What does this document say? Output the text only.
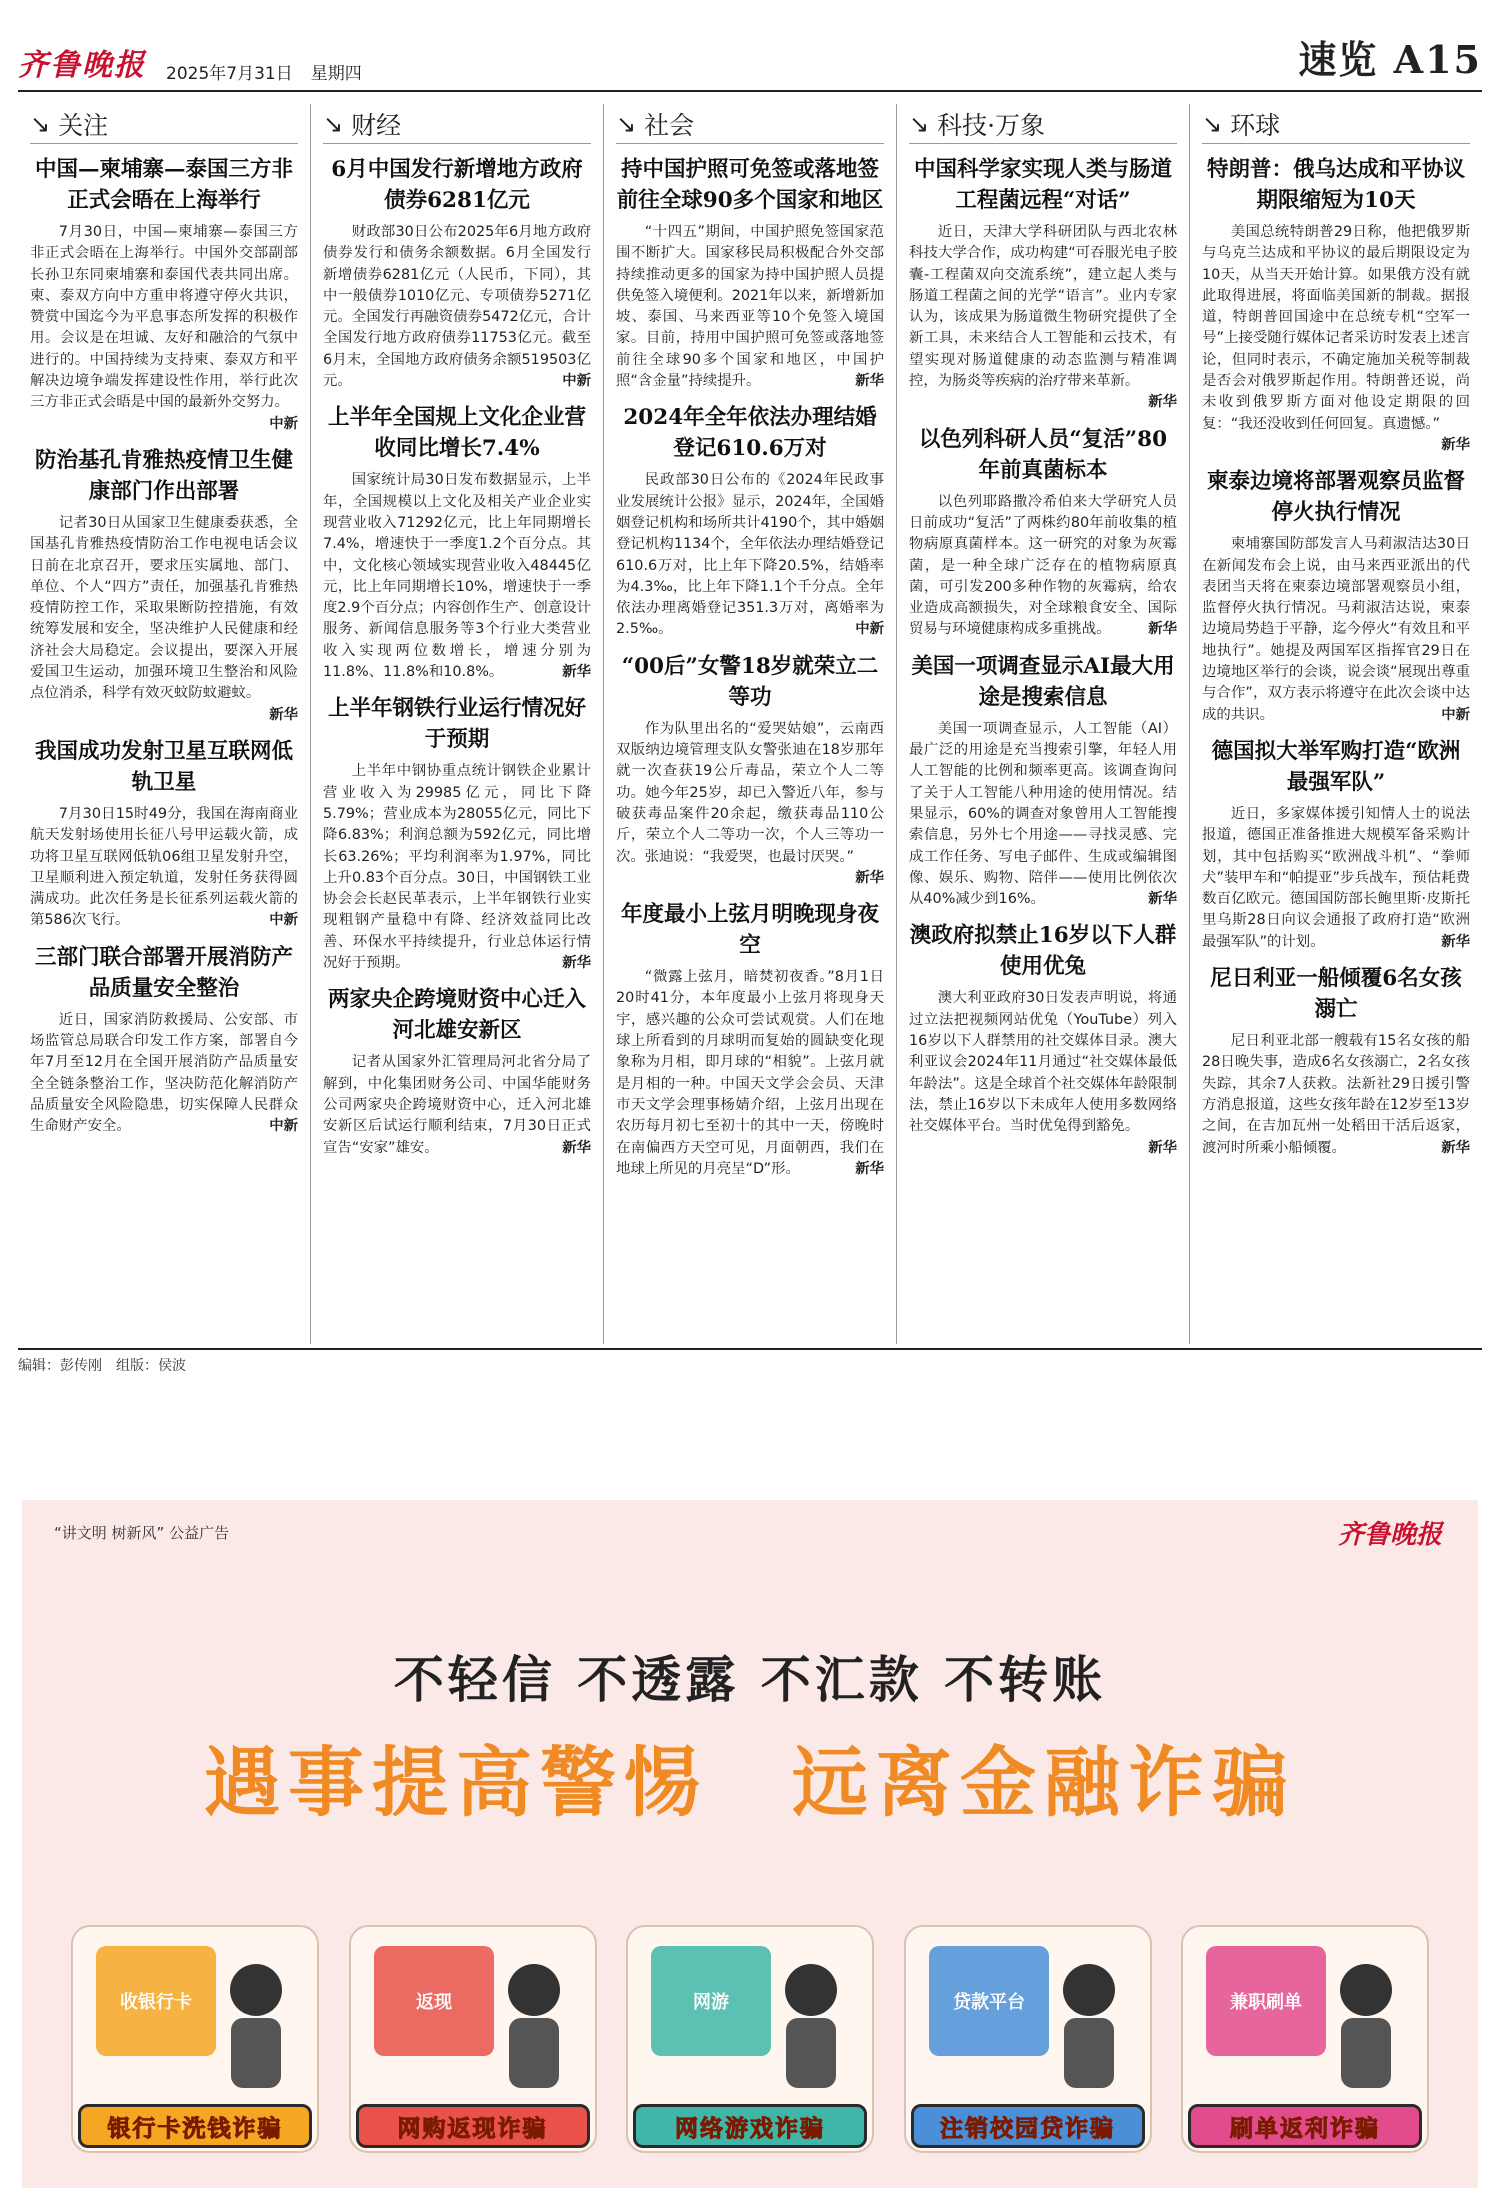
齐鲁晚报 2025年7月31日 星期四	速览 A15
↘ 关注
中国—柬埔寨—泰国三方非正式会晤在上海举行
7月30日，中国—柬埔寨—泰国三方非正式会晤在上海举行。中国外交部副部长孙卫东同柬埔寨和泰国代表共同出席。柬、泰双方向中方重申将遵守停火共识，赞赏中国迄今为平息事态所发挥的积极作用。会议是在坦诚、友好和融洽的气氛中进行的。中国持续为支持柬、泰双方和平解决边境争端发挥建设性作用，举行此次三方非正式会晤是中国的最新外交努力。
中新
防治基孔肯雅热疫情卫生健康部门作出部署
记者30日从国家卫生健康委获悉，全国基孔肯雅热疫情防治工作电视电话会议日前在北京召开，要求压实属地、部门、单位、个人“四方”责任，加强基孔肯雅热疫情防控工作，采取果断防控措施，有效统筹发展和安全，坚决维护人民健康和经济社会大局稳定。会议提出，要深入开展爱国卫生运动，加强环境卫生整治和风险点位消杀，科学有效灭蚊防蚊避蚊。
新华
我国成功发射卫星互联网低轨卫星
7月30日15时49分，我国在海南商业航天发射场使用长征八号甲运载火箭，成功将卫星互联网低轨06组卫星发射升空，卫星顺利进入预定轨道，发射任务获得圆满成功。此次任务是长征系列运载火箭的第586次飞行。	中新
三部门联合部署开展消防产品质量安全整治
近日，国家消防救援局、公安部、市场监管总局联合印发工作方案，部署自今年7月至12月在全国开展消防产品质量安全全链条整治工作，坚决防范化解消防产品质量安全风险隐患，切实保障人民群众生命财产安全。	中新
↘ 财经
6月中国发行新增地方政府债券6281亿元
财政部30日公布2025年6月地方政府债券发行和债务余额数据。6月全国发行新增债券6281亿元（人民币，下同），其中一般债券1010亿元、专项债券5271亿元。全国发行再融资债券5472亿元，合计全国发行地方政府债券11753亿元。截至6月末，全国地方政府债务余额519503亿元。	中新
上半年全国规上文化企业营收同比增长7.4%
国家统计局30日发布数据显示，上半年，全国规模以上文化及相关产业企业实现营业收入71292亿元，比上年同期增长7.4%，增速快于一季度1.2个百分点。其中，文化核心领域实现营业收入48445亿元，比上年同期增长10%，增速快于一季度2.9个百分点；内容创作生产、创意设计服务、新闻信息服务等3个行业大类营业收入实现两位数增长，增速分别为11.8%、11.8%和10.8%。	新华
上半年钢铁行业运行情况好于预期
上半年中钢协重点统计钢铁企业累计营业收入为29985亿元，同比下降5.79%；营业成本为28055亿元，同比下降6.83%；利润总额为592亿元，同比增长63.26%；平均利润率为1.97%，同比上升0.83个百分点。30日，中国钢铁工业协会会长赵民革表示，上半年钢铁行业实现粗钢产量稳中有降、经济效益同比改善、环保水平持续提升，行业总体运行情况好于预期。	新华
两家央企跨境财资中心迁入河北雄安新区
记者从国家外汇管理局河北省分局了解到，中化集团财务公司、中国华能财务公司两家央企跨境财资中心，迁入河北雄安新区后试运行顺利结束，7月30日正式宣告“安家”雄安。	新华
↘ 社会
持中国护照可免签或落地签前往全球90多个国家和地区
“十四五”期间，中国护照免签国家范围不断扩大。国家移民局积极配合外交部持续推动更多的国家为持中国护照人员提供免签入境便利。2021年以来，新增新加坡、泰国、马来西亚等10个免签入境国家。目前，持用中国护照可免签或落地签前往全球90多个国家和地区，中国护照“含金量”持续提升。	新华
2024年全年依法办理结婚登记610.6万对
民政部30日公布的《2024年民政事业发展统计公报》显示，2024年，全国婚姻登记机构和场所共计4190个，其中婚姻登记机构1134个，全年依法办理结婚登记610.6万对，比上年下降20.5%，结婚率为4.3‰，比上年下降1.1个千分点。全年依法办理离婚登记351.3万对，离婚率为2.5‰。	中新
“00后”女警18岁就荣立二等功
作为队里出名的“爱哭姑娘”，云南西双版纳边境管理支队女警张迪在18岁那年就一次查获19公斤毒品，荣立个人二等功。她今年25岁，却已入警近八年，参与破获毒品案件20余起，缴获毒品110公斤，荣立个人二等功一次，个人三等功一次。张迪说：“我爱哭，也最讨厌哭。”
新华
年度最小上弦月明晚现身夜空
“微露上弦月，暗焚初夜香。”8月1日20时41分，本年度最小上弦月将现身天宇，感兴趣的公众可尝试观赏。人们在地球上所看到的月球明而复始的圆缺变化现象称为月相，即月球的“相貌”。上弦月就是月相的一种。中国天文学会会员、天津市天文学会理事杨婧介绍，上弦月出现在农历每月初七至初十的其中一天，傍晚时在南偏西方天空可见，月面朝西，我们在地球上所见的月亮呈“D”形。	新华
↘ 科技·万象
中国科学家实现人类与肠道工程菌远程“对话”
近日，天津大学科研团队与西北农林科技大学合作，成功构建“可吞服光电子胶囊-工程菌双向交流系统”，建立起人类与肠道工程菌之间的光学“语言”。业内专家认为，该成果为肠道微生物研究提供了全新工具，未来结合人工智能和云技术，有望实现对肠道健康的动态监测与精准调控，为肠炎等疾病的治疗带来革新。
新华
以色列科研人员“复活”80年前真菌标本
以色列耶路撒冷希伯来大学研究人员日前成功“复活”了两株约80年前收集的植物病原真菌样本。这一研究的对象为灰霉菌，是一种全球广泛存在的植物病原真菌，可引发200多种作物的灰霉病，给农业造成高额损失，对全球粮食安全、国际贸易与环境健康构成多重挑战。	新华
美国一项调查显示AI最大用途是搜索信息
美国一项调查显示，人工智能（AI）最广泛的用途是充当搜索引擎，年轻人用人工智能的比例和频率更高。该调查询问了关于人工智能八种用途的使用情况。结果显示，60%的调查对象曾用人工智能搜索信息，另外七个用途——寻找灵感、完成工作任务、写电子邮件、生成或编辑图像、娱乐、购物、陪伴——使用比例依次从40%减少到16%。	新华
澳政府拟禁止16岁以下人群使用优兔
澳大利亚政府30日发表声明说，将通过立法把视频网站优兔（YouTube）列入16岁以下人群禁用的社交媒体目录。澳大利亚议会2024年11月通过“社交媒体最低年龄法”。这是全球首个社交媒体年龄限制法，禁止16岁以下未成年人使用多数网络社交媒体平台。当时优兔得到豁免。
新华
↘ 环球
特朗普：俄乌达成和平协议期限缩短为10天
美国总统特朗普29日称，他把俄罗斯与乌克兰达成和平协议的最后期限设定为10天，从当天开始计算。如果俄方没有就此取得进展，将面临美国新的制裁。据报道，特朗普回国途中在总统专机“空军一号”上接受随行媒体记者采访时发表上述言论，但同时表示，不确定施加关税等制裁是否会对俄罗斯起作用。特朗普还说，尚未收到俄罗斯方面对他设定期限的回复：“我还没收到任何回复。真遗憾。”
新华
柬泰边境将部署观察员监督停火执行情况
柬埔寨国防部发言人马莉淑洁达30日在新闻发布会上说，由马来西亚派出的代表团当天将在柬泰边境部署观察员小组，监督停火执行情况。马莉淑洁达说，柬泰边境局势趋于平静，迄今停火“有效且和平地执行”。她提及两国军区指挥官29日在边境地区举行的会谈，说会谈“展现出尊重与合作”，双方表示将遵守在此次会谈中达成的共识。	中新
德国拟大举军购打造“欧洲最强军队”
近日，多家媒体援引知情人士的说法报道，德国正准备推进大规模军备采购计划，其中包括购买“欧洲战斗机”、“拳师犬”装甲车和“帕提亚”步兵战车，预估耗费数百亿欧元。德国国防部长鲍里斯·皮斯托里乌斯28日向议会通报了政府打造“欧洲最强军队”的计划。	新华
尼日利亚一船倾覆6名女孩溺亡
尼日利亚北部一艘载有15名女孩的船28日晚失事，造成6名女孩溺亡，2名女孩失踪，其余7人获救。法新社29日援引警方消息报道，这些女孩年龄在12岁至13岁之间，在吉加瓦州一处稻田干活后返家，渡河时所乘小船倾覆。	新华
编辑：彭传刚　组版：侯波
“讲文明 树新风” 公益广告	齐鲁晚报
不轻信 不透露 不汇款 不转账
遇事提高警惕　远离金融诈骗
收银行卡
银行卡洗钱诈骗
返现
网购返现诈骗
网游
网络游戏诈骗
贷款平台
注销校园贷诈骗
兼职刷单
刷单返利诈骗
